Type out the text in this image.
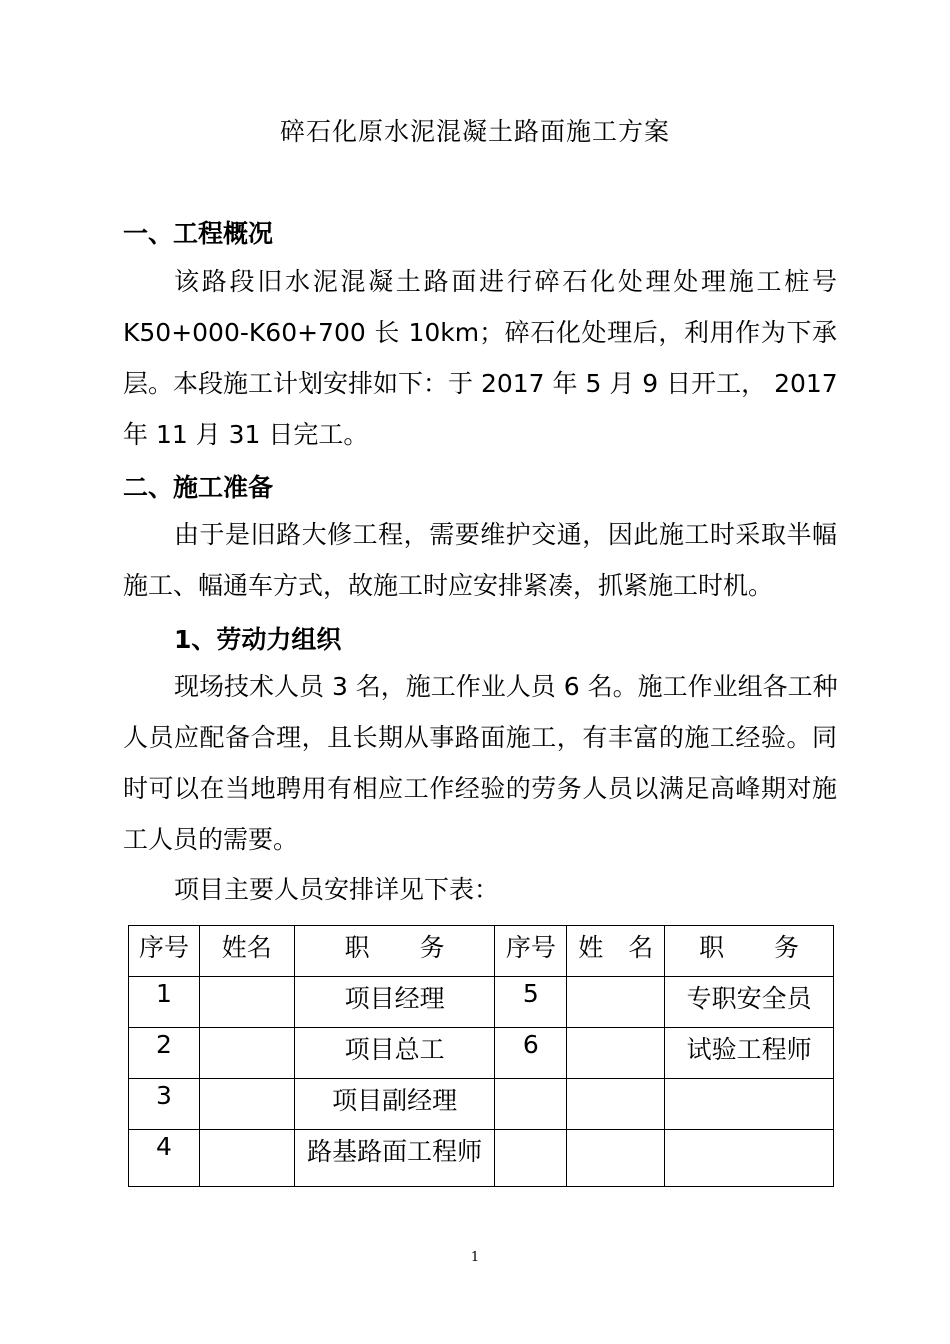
碎石化原水泥混凝土路面施工方案
一、工程概况
该路段旧水泥混凝土路面进行碎石化处理处理施工桩号
K50+000-K60+700 长 10km；碎石化处理后，利用作为下承
层。本段施工计划安排如下：于 2017 年 5 月 9 日开工， 2017
年 11 月 31 日完工。
二、施工准备
由于是旧路大修工程，需要维护交通，因此施工时采取半幅
施工、幅通车方式，故施工时应安排紧凑，抓紧施工时机。
1、劳动力组织
现场技术人员 3 名，施工作业人员 6 名。施工作业组各工种
人员应配备合理，且长期从事路面施工，有丰富的施工经验。同
时可以在当地聘用有相应工作经验的劳务人员以满足高峰期对施
工人员的需要。
项目主要人员安排详见下表：
序号	姓名	职　　务	序号	姓　名	职　　务
1		项目经理	5		专职安全员
2		项目总工	6		试验工程师
3		项目副经理			
4		路基路面工程师			
1
